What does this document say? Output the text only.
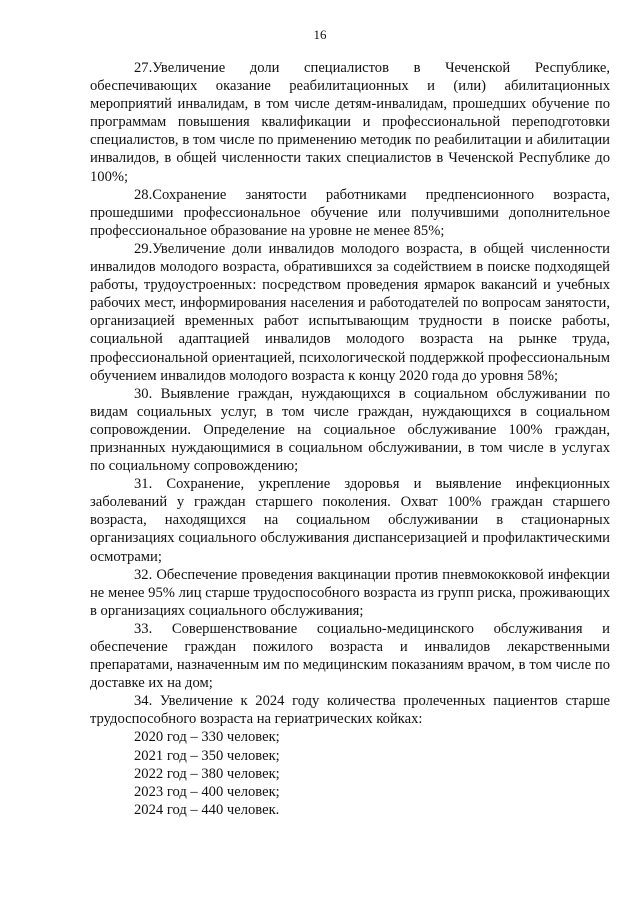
16

27.Увеличение доли специалистов в Чеченской Республике, обеспечивающих оказание реабилитационных и (или) абилитационных мероприятий инвалидам, в том числе детям-инвалидам, прошедших обучение по программам повышения квалификации и профессиональной переподготовки специалистов, в том числе по применению методик по реабилитации и абилитации инвалидов, в общей численности таких специалистов в Чеченской Республике до 100%;

28.Сохранение занятости работниками предпенсионного возраста, прошедшими профессиональное обучение или получившими дополнительное профессиональное образование на уровне не менее 85%;

29.Увеличение доли инвалидов молодого возраста, в общей численности инвалидов молодого возраста, обратившихся за содействием в поиске подходящей работы, трудоустроенных: посредством проведения ярмарок вакансий и учебных рабочих мест, информирования населения и работодателей по вопросам занятости, организацией временных работ испытывающим трудности в поиске работы, социальной адаптацией инвалидов молодого возраста на рынке труда, профессиональной ориентацией, психологической поддержкой профессиональным обучением инвалидов молодого возраста к концу 2020 года до уровня 58%;

30. Выявление граждан, нуждающихся в социальном обслуживании по видам социальных услуг, в том числе граждан, нуждающихся в социальном сопровождении. Определение на социальное обслуживание 100% граждан, признанных нуждающимися в социальном обслуживании, в том числе в услугах по социальному сопровождению;

31. Сохранение, укрепление здоровья и выявление инфекционных заболеваний у граждан старшего поколения. Охват 100% граждан старшего возраста, находящихся на социальном обслуживании в стационарных организациях социального обслуживания диспансеризацией и профилактическими осмотрами;

32. Обеспечение проведения вакцинации против пневмококковой инфекции не менее 95% лиц старше трудоспособного возраста из групп риска, проживающих в организациях социального обслуживания;

33. Совершенствование социально-медицинского обслуживания и обеспечение граждан пожилого возраста и инвалидов лекарственными препаратами, назначенным им по медицинским показаниям врачом, в том числе по доставке их на дом;

34. Увеличение к 2024 году количества пролеченных пациентов старше трудоспособного возраста на гериатрических койках:

2020 год – 330 человек;
2021 год – 350 человек;
2022 год – 380 человек;
2023 год – 400 человек;
2024 год – 440 человек.
